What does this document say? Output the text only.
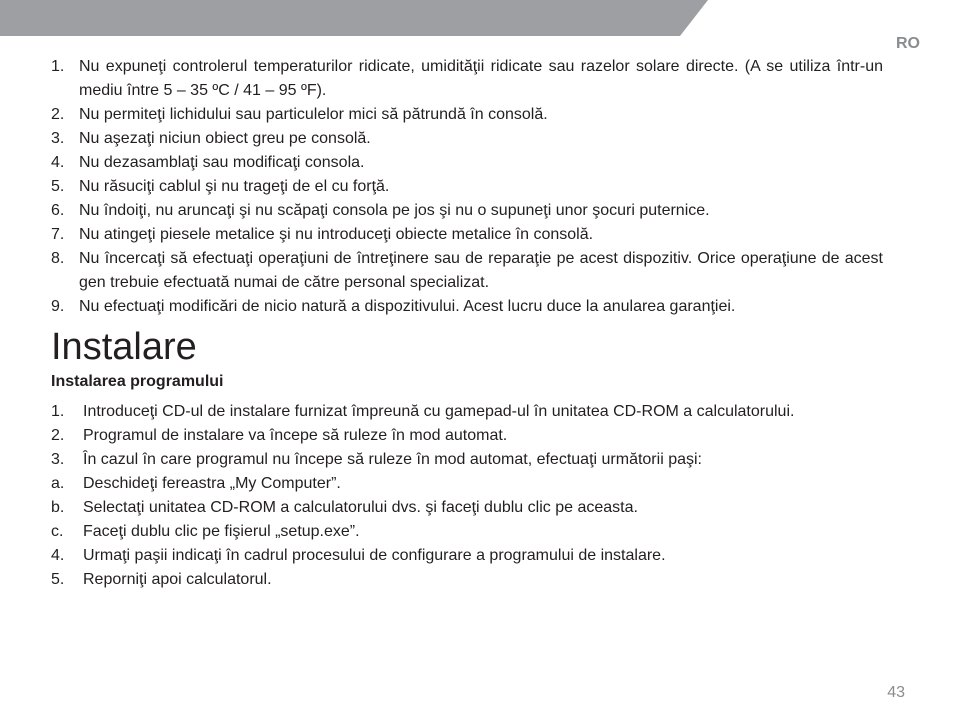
RO
1. Nu expuneţi controlerul temperaturilor ridicate, umidităţii ridicate sau razelor solare directe. (A se utiliza într-un mediu între 5 – 35 ºC / 41 – 95 ºF).
2. Nu permiteţi lichidului sau particulelor mici să pătrundă în consolă.
3. Nu aşezaţi niciun obiect greu pe consolă.
4. Nu dezasamblaţi sau modificaţi consola.
5. Nu răsuciţi cablul şi nu trageţi de el cu forţă.
6. Nu îndoiţi, nu aruncaţi şi nu scăpaţi consola pe jos şi nu o supuneţi unor şocuri puternice.
7. Nu atingeţi piesele metalice şi nu introduceţi obiecte metalice în consolă.
8. Nu încercaţi să efectuaţi operaţiuni de întreţinere sau de reparaţie pe acest dispozitiv. Orice operaţiune de acest gen trebuie efectuată numai de către personal specializat.
9. Nu efectuaţi modificări de nicio natură a dispozitivului. Acest lucru duce la anularea garanţiei.
Instalare
Instalarea programului
1. Introduceţi CD-ul de instalare furnizat împreună cu gamepad-ul în unitatea CD-ROM a calculatorului.
2. Programul de instalare va începe să ruleze în mod automat.
3. În cazul în care programul nu începe să ruleze în mod automat, efectuaţi următorii paşi:
a. Deschideţi fereastra „My Computer”.
b. Selectaţi unitatea CD-ROM a calculatorului dvs. şi faceţi dublu clic pe aceasta.
c. Faceţi dublu clic pe fişierul „setup.exe”.
4. Urmaţi paşii indicaţi în cadrul procesului de configurare a programului de instalare.
5. Reporniţi apoi calculatorul.
43
